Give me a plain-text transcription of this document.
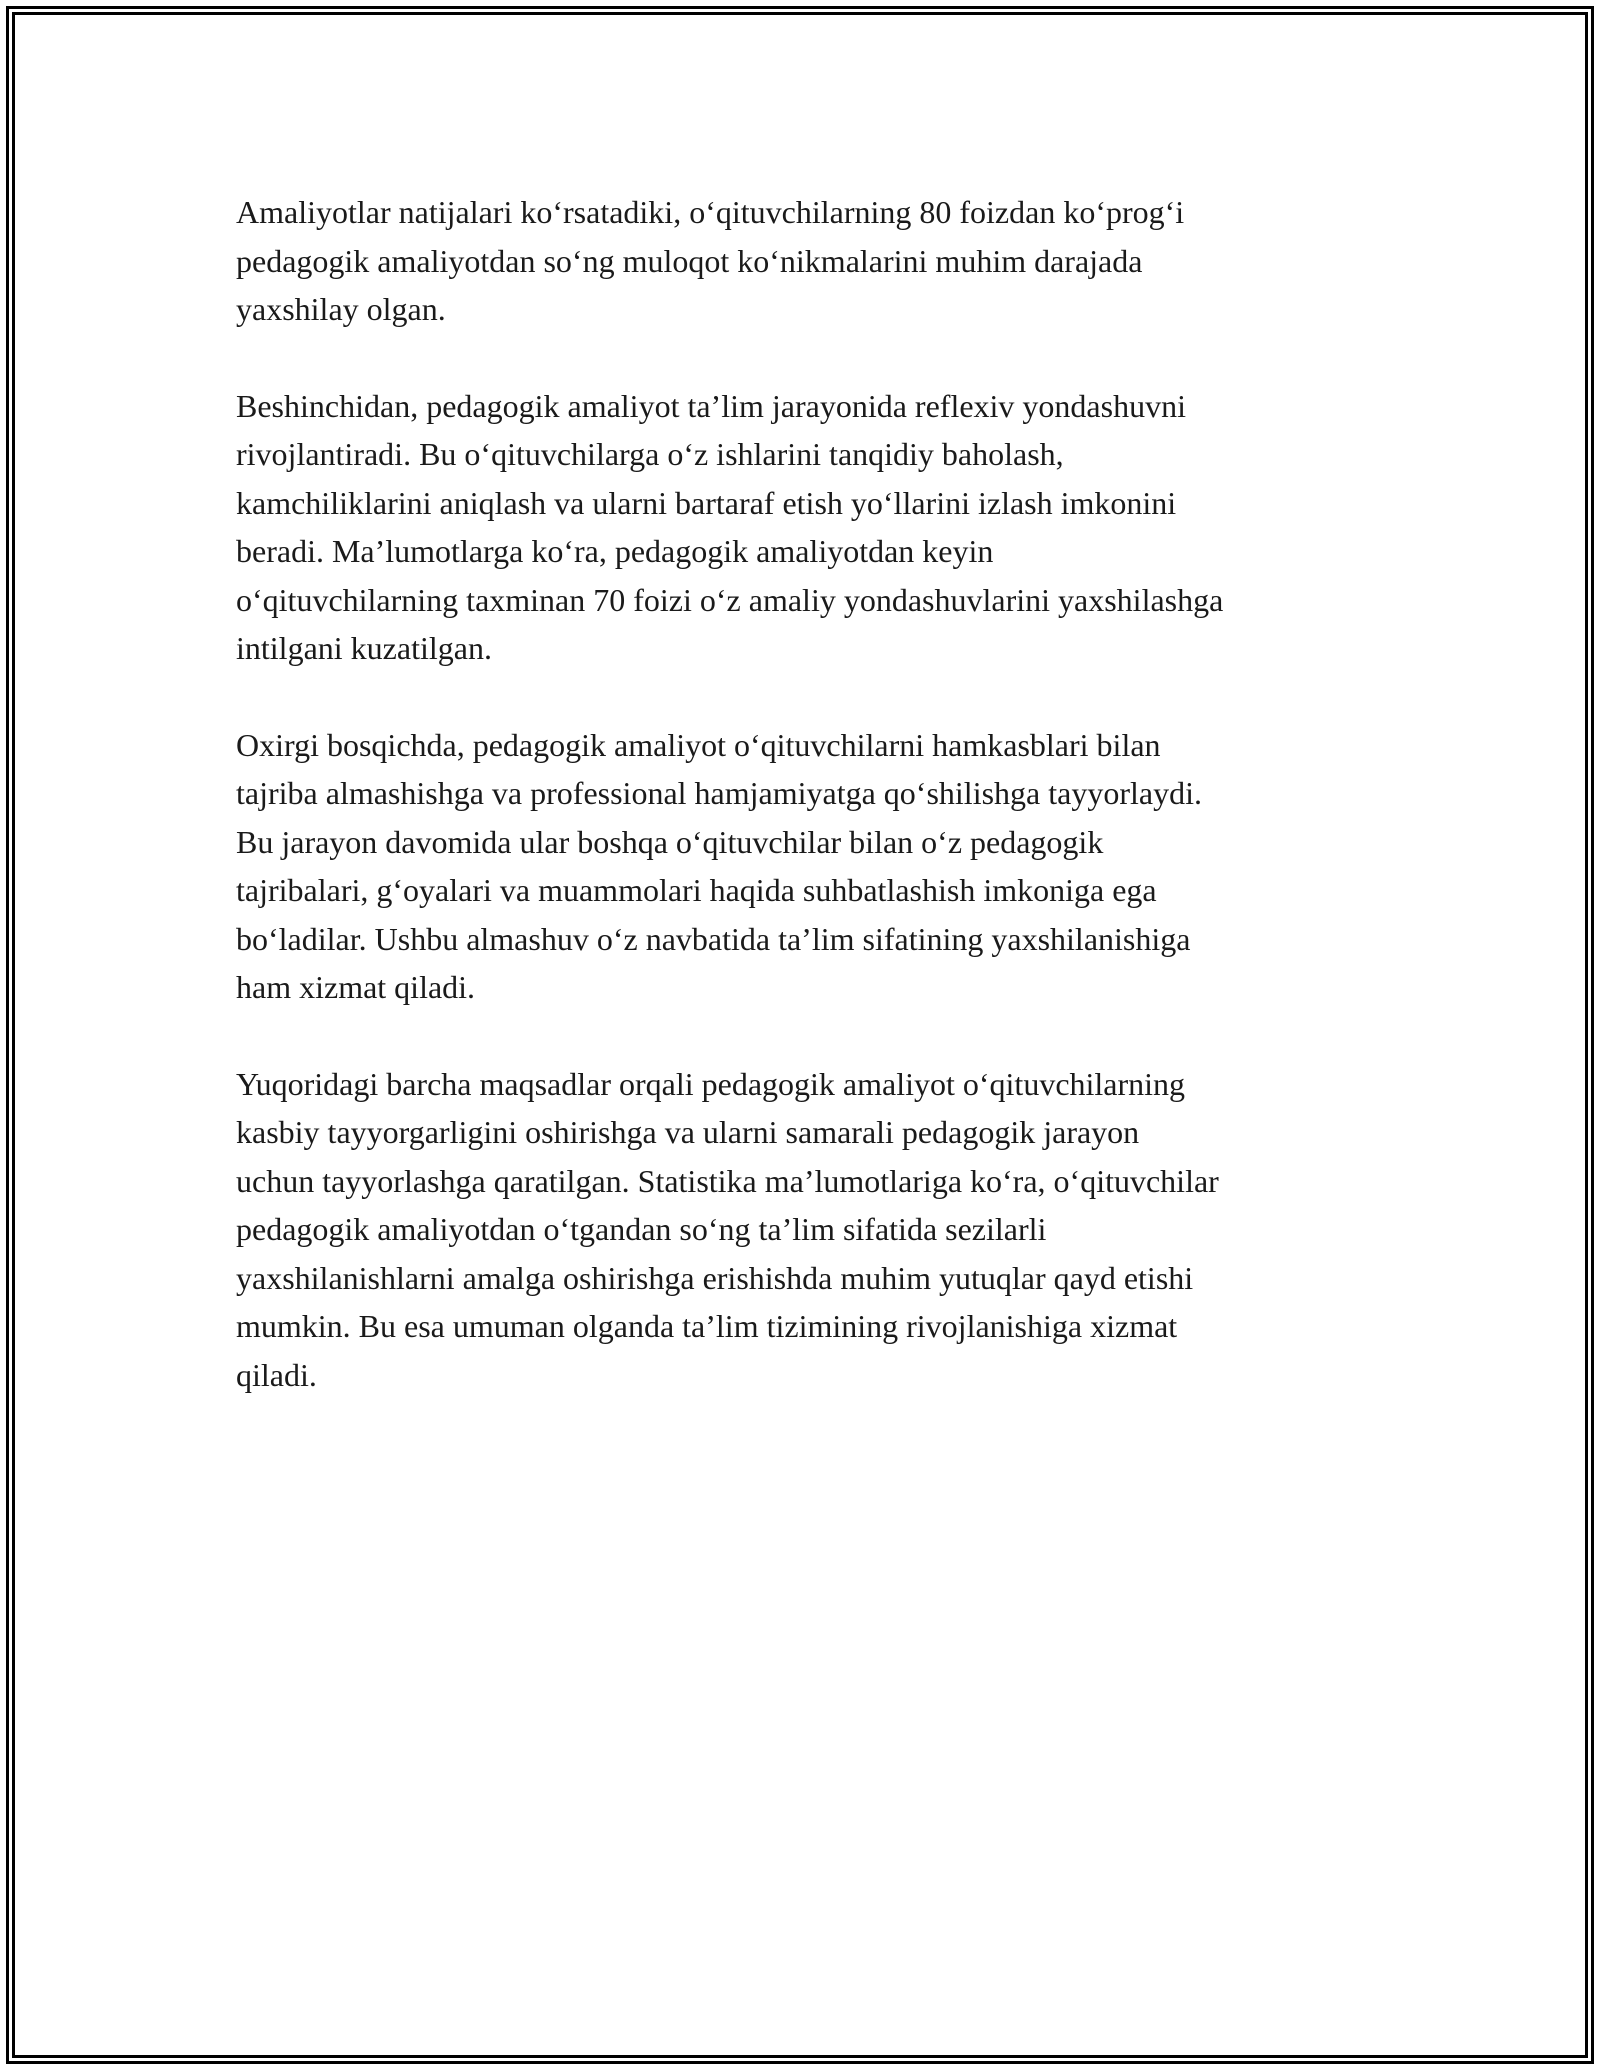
Amaliyotlar natijalari ko‘rsatadiki, o‘qituvchilarning 80 foizdan ko‘prog‘i
pedagogik amaliyotdan so‘ng muloqot ko‘nikmalarini muhim darajada
yaxshilay olgan.

Beshinchidan, pedagogik amaliyot ta’lim jarayonida reflexiv yondashuvni
rivojlantiradi. Bu o‘qituvchilarga o‘z ishlarini tanqidiy baholash,
kamchiliklarini aniqlash va ularni bartaraf etish yo‘llarini izlash imkonini
beradi. Ma’lumotlarga ko‘ra, pedagogik amaliyotdan keyin
o‘qituvchilarning taxminan 70 foizi o‘z amaliy yondashuvlarini yaxshilashga
intilgani kuzatilgan.

Oxirgi bosqichda, pedagogik amaliyot o‘qituvchilarni hamkasblari bilan
tajriba almashishga va professional hamjamiyatga qo‘shilishga tayyorlaydi.
Bu jarayon davomida ular boshqa o‘qituvchilar bilan o‘z pedagogik
tajribalari, g‘oyalari va muammolari haqida suhbatlashish imkoniga ega
bo‘ladilar. Ushbu almashuv o‘z navbatida ta’lim sifatining yaxshilanishiga
ham xizmat qiladi.

Yuqoridagi barcha maqsadlar orqali pedagogik amaliyot o‘qituvchilarning
kasbiy tayyorgarligini oshirishga va ularni samarali pedagogik jarayon
uchun tayyorlashga qaratilgan. Statistika ma’lumotlariga ko‘ra, o‘qituvchilar
pedagogik amaliyotdan o‘tgandan so‘ng ta’lim sifatida sezilarli
yaxshilanishlarni amalga oshirishga erishishda muhim yutuqlar qayd etishi
mumkin. Bu esa umuman olganda ta’lim tizimining rivojlanishiga xizmat
qiladi.
